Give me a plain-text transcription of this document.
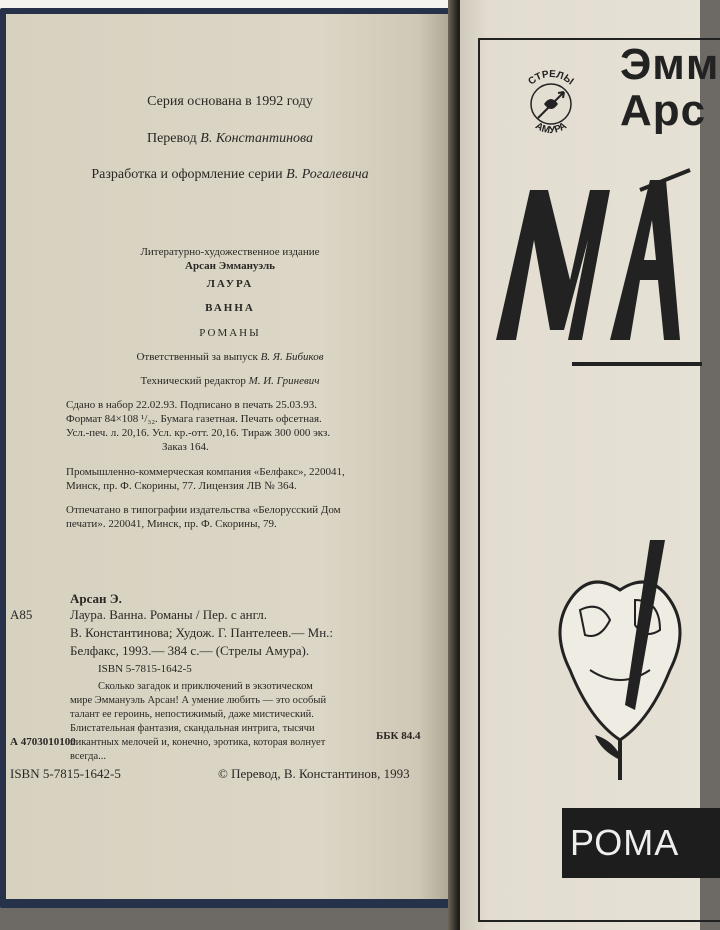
Серия основана в 1992 году
Перевод В. Константинова
Разработка и оформление серии В. Рогалевича
Литературно-художественное издание
Арсан Эммануэль
ЛАУРА
ВАННА
РОМАНЫ
Ответственный за выпуск В. Я. Бибиков
Технический редактор М. И. Гриневич
Сдано в набор 22.02.93. Подписано в печать 25.03.93.
Формат 84×108 ¹/₃₂. Бумага газетная. Печать офсетная.
Усл.-печ. л. 20,16. Усл. кр.-отт. 20,16. Тираж 300 000 экз.
Заказ 164.
Промышленно-коммерческая компания «Белфакс», 220041,
Минск, пр. Ф. Скорины, 77. Лицензия ЛВ № 364.
Отпечатано в типографии издательства «Белорусский Дом
печати». 220041, Минск, пр. Ф. Скорины, 79.
Арсан Э.
А85	Лаура. Ванна. Романы / Пер. с англ.
В. Константинова; Худож. Г. Пантелеев.— Мн.:
Белфакс, 1993.— 384 с.— (Стрелы Амура).
ISBN 5-7815-1642-5
Сколько загадок и приключений в экзотическом
мире Эммануэль Арсан! А умение любить — это особый
талант ее героинь, непостижимый, даже мистический.
Блистательная фантазия, скандальная интрига, тысячи
пикантных мелочей и, конечно, эротика, которая волнует
всегда...
А 4703010100	ББК 84.4
ISBN 5-7815-1642-5	© Перевод, В. Константинов, 1993
СТРЕЛЫ
АМУРА
Эмм
Арс
РОМА
